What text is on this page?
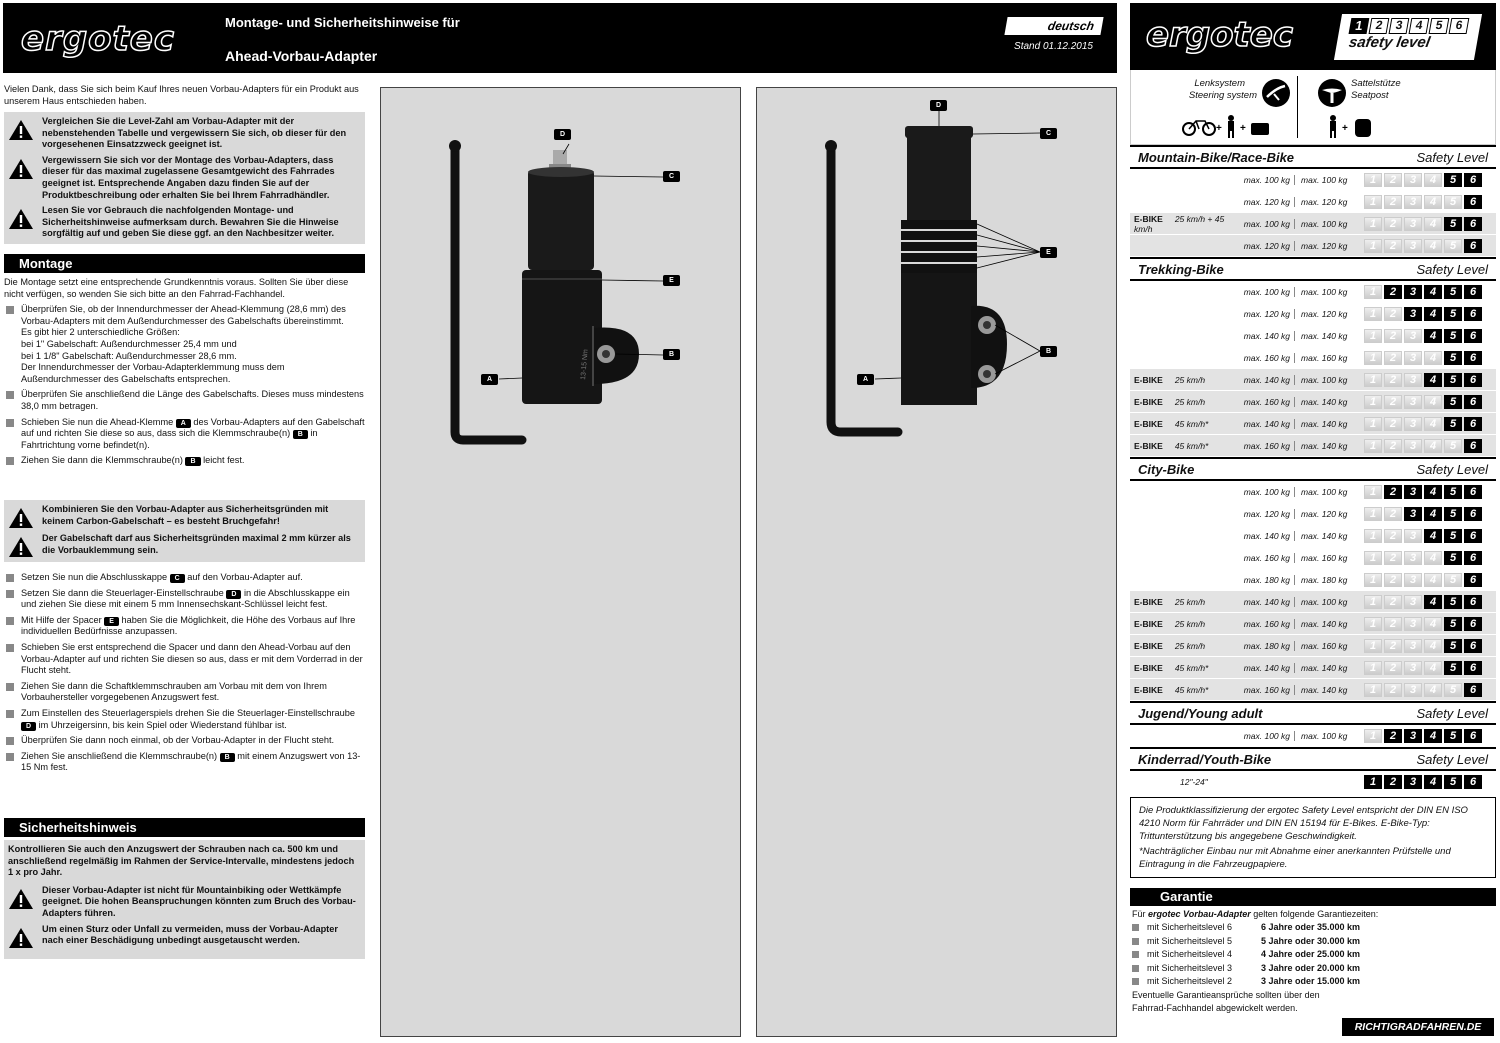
ergotec	Montage- und Sicherheitshinweise für
Ahead-Vorbau-Adapter
deutsch
Stand 01.12.2015
Vielen Dank, dass Sie sich beim Kauf Ihres neuen Vorbau-Adapters für ein Produkt aus unserem Haus entschieden haben.
Vergleichen Sie die Level-Zahl am Vorbau-Adapter mit der nebenstehenden Tabelle und vergewissern Sie sich, ob dieser für den vorgesehenen Einsatzzweck geeignet ist.
Vergewissern Sie sich vor der Montage des Vorbau-Adapters, dass dieser für das maximal zugelassene Gesamtgewicht des Fahrrades geeignet ist. Entsprechende Angaben dazu finden Sie auf der Produktbeschreibung oder erhalten Sie bei Ihrem Fahrradhändler.
Lesen Sie vor Gebrauch die nachfolgenden Montage- und Sicherheitshinweise aufmerksam durch. Bewahren Sie die Hinweise sorgfältig auf und geben Sie diese ggf. an den Nachbesitzer weiter.
Montage
Die Montage setzt eine entsprechende Grundkenntnis voraus. Sollten Sie über diese nicht verfügen, so wenden Sie sich bitte an den Fahrrad-Fachhandel.
Überprüfen Sie, ob der Innendurchmesser der Ahead-Klemmung (28,6 mm) des Vorbau-Adapters mit dem Außendurchmesser des Gabelschafts übereinstimmt.
Es gibt hier 2 unterschiedliche Größen:
bei 1" Gabelschaft: Außendurchmesser 25,4 mm und
bei 1 1/8" Gabelschaft: Außendurchmesser 28,6 mm.
Der Innendurchmesser der Vorbau-Adapterklemmung muss dem Außendurchmesser des Gabelschafts entsprechen.
Überprüfen Sie anschließend die Länge des Gabelschafts. Dieses muss mindestens 38,0 mm betragen.
Schieben Sie nun die Ahead-Klemme A des Vorbau-Adapters auf den Gabelschaft auf und richten Sie diese so aus, dass sich die Klemmschraube(n) B in Fahrtrichtung vorne befindet(n).
Ziehen Sie dann die Klemmschraube(n) B leicht fest.
Kombinieren Sie den Vorbau-Adapter aus Sicherheitsgründen mit keinem Carbon-Gabelschaft – es besteht Bruchgefahr!
Der Gabelschaft darf aus Sicherheitsgründen maximal 2 mm kürzer als die Vorbauklemmung sein.
Setzen Sie nun die Abschlusskappe C auf den Vorbau-Adapter auf.
Setzen Sie dann die Steuerlager-Einstellschraube D in die Abschlusskappe ein und ziehen Sie diese mit einem 5 mm Innensechskant-Schlüssel leicht fest.
Mit Hilfe der Spacer E haben Sie die Möglichkeit, die Höhe des Vorbaus auf Ihre individuellen Bedürfnisse anzupassen.
Schieben Sie erst entsprechend die Spacer und dann den Ahead-Vorbau auf den Vorbau-Adapter auf und richten Sie diesen so aus, dass er mit dem Vorderrad in der Flucht steht.
Ziehen Sie dann die Schaftklemmschrauben am Vorbau mit dem von Ihrem Vorbauhersteller vorgegebenen Anzugswert fest.
Zum Einstellen des Steuerlagerspiels drehen Sie die Steuerlager-Einstellschraube D im Uhrzeigersinn, bis kein Spiel oder Wiederstand fühlbar ist.
Überprüfen Sie dann noch einmal, ob der Vorbau-Adapter in der Flucht steht.
Ziehen Sie anschließend die Klemmschraube(n) B mit einem Anzugswert von 13-15 Nm fest.
Sicherheitshinweis
Kontrollieren Sie auch den Anzugswert der Schrauben nach ca. 500 km und anschließend regelmäßig im Rahmen der Service-Intervalle, mindestens jedoch 1 x pro Jahr.
Dieser Vorbau-Adapter ist nicht für Mountainbiking oder Wettkämpfe geeignet. Die hohen Beanspruchungen könnten zum Bruch des Vorbau-Adapters führen.
Um einen Sturz oder Unfall zu vermeiden, muss der Vorbau-Adapter nach einer Beschädigung unbedingt ausgetauscht werden.
13-15 Nm
D
C
E
B
A
D
C
E
B
A
ergotec	1 2 3 4 5 6
safety level
Lenksystem
Steering system
+ +
Sattelstütze
Seatpost
+
Mountain-Bike/Race-Bike	Safety Level
max. 100 kg	max. 100 kg	1	2	3	4	5	6
max. 120 kg	max. 120 kg	1	2	3	4	5	6
E-BIKE 25 km/h + 45 km/h	max. 100 kg	max. 100 kg	1	2	3	4	5	6
max. 120 kg	max. 120 kg	1	2	3	4	5	6
Trekking-Bike	Safety Level
max. 100 kg	max. 100 kg	1	2	3	4	5	6
max. 120 kg	max. 120 kg	1	2	3	4	5	6
max. 140 kg	max. 140 kg	1	2	3	4	5	6
max. 160 kg	max. 160 kg	1	2	3	4	5	6
E-BIKE 25 km/h	max. 140 kg	max. 100 kg	1	2	3	4	5	6
E-BIKE 25 km/h	max. 160 kg	max. 140 kg	1	2	3	4	5	6
E-BIKE 45 km/h*	max. 140 kg	max. 140 kg	1	2	3	4	5	6
E-BIKE 45 km/h*	max. 160 kg	max. 140 kg	1	2	3	4	5	6
City-Bike	Safety Level
max. 100 kg	max. 100 kg	1	2	3	4	5	6
max. 120 kg	max. 120 kg	1	2	3	4	5	6
max. 140 kg	max. 140 kg	1	2	3	4	5	6
max. 160 kg	max. 160 kg	1	2	3	4	5	6
max. 180 kg	max. 180 kg	1	2	3	4	5	6
E-BIKE 25 km/h	max. 140 kg	max. 100 kg	1	2	3	4	5	6
E-BIKE 25 km/h	max. 160 kg	max. 140 kg	1	2	3	4	5	6
E-BIKE 25 km/h	max. 180 kg	max. 160 kg	1	2	3	4	5	6
E-BIKE 45 km/h*	max. 140 kg	max. 140 kg	1	2	3	4	5	6
E-BIKE 45 km/h*	max. 160 kg	max. 140 kg	1	2	3	4	5	6
Jugend/Young adult	Safety Level
max. 100 kg	max. 100 kg	1	2	3	4	5	6
Kinderrad/Youth-Bike	Safety Level
12"-24"	1	2	3	4	5	6
Die Produktklassifizierung der ergotec Safety Level entspricht der DIN EN ISO 4210 Norm für Fahrräder und DIN EN 15194 für E-Bikes. E-Bike-Typ: Trittunterstützung bis angegebene Geschwindigkeit.
*Nachträglicher Einbau nur mit Abnahme einer anerkannten Prüfstelle und Eintragung in die Fahrzeugpapiere.
Garantie
Für ergotec Vorbau-Adapter gelten folgende Garantiezeiten:
mit Sicherheitslevel 6	6 Jahre oder 35.000 km
mit Sicherheitslevel 5	5 Jahre oder 30.000 km
mit Sicherheitslevel 4	4 Jahre oder 25.000 km
mit Sicherheitslevel 3	3 Jahre oder 20.000 km
mit Sicherheitslevel 2	3 Jahre oder 15.000 km
Eventuelle Garantieansprüche sollten über den Fahrrad-Fachhandel abgewickelt werden.
RICHTIGRADFAHREN.DE
